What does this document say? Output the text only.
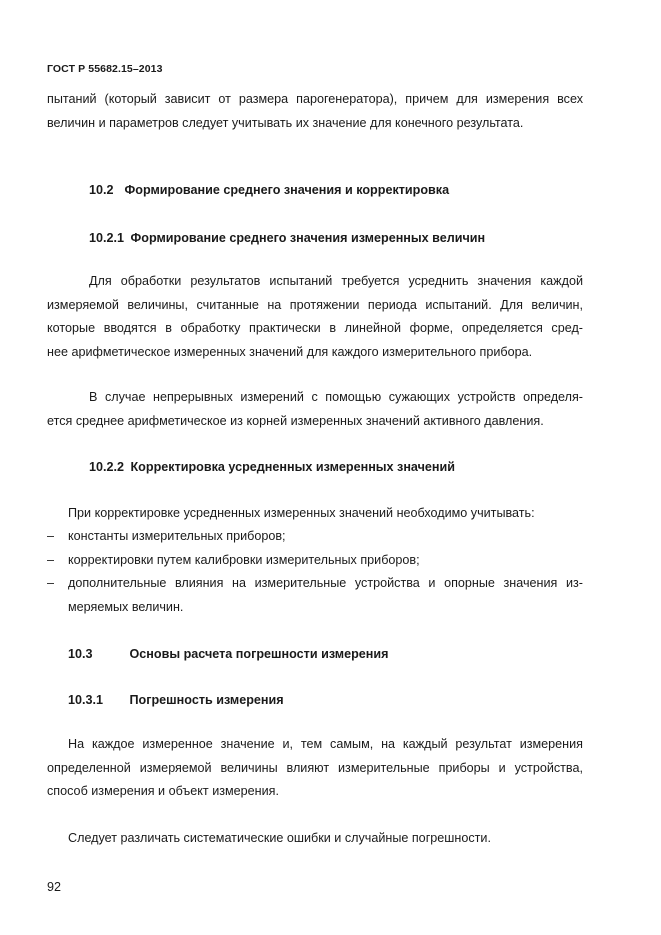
ГОСТ Р 55682.15–2013
пытаний (который зависит от размера парогенератора), причем для измерения всех
величин и параметров следует учитывать их значение для конечного результата.
10.2 Формирование среднего значения и корректировка
10.2.1 Формирование среднего значения измеренных величин
Для обработки результатов испытаний требуется усреднить значения каждой
измеряемой величины, считанные на протяжении периода испытаний. Для величин,
которые вводятся в обработку практически в линейной форме, определяется сред-
нее арифметическое измеренных значений для каждого измерительного прибора.
В случае непрерывных измерений с помощью сужающих устройств определя-
ется среднее арифметическое из корней измеренных значений активного давления.
10.2.2 Корректировка усредненных измеренных значений
При корректировке усредненных измеренных значений необходимо учитывать:
– константы измерительных приборов;
– корректировки путем калибровки измерительных приборов;
– дополнительные влияния на измерительные устройства и опорные значения из-
меряемых величин.
10.3	Основы расчета погрешности измерения
10.3.1 Погрешность измерения
На каждое измеренное значение и, тем самым, на каждый результат измерения
определенной измеряемой величины влияют измерительные приборы и устройства,
способ измерения и объект измерения.
Следует различать систематические ошибки и случайные погрешности.
92
